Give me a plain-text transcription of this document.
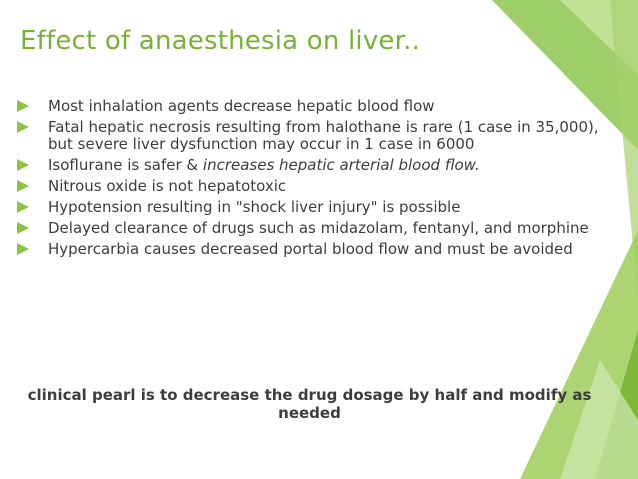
Effect of anaesthesia on liver..
Most inhalation agents decrease hepatic blood flow
Fatal hepatic necrosis resulting from halothane is rare (1 case in 35,000), but severe liver dysfunction may occur in 1 case in 6000
Isoflurane is safer & increases hepatic arterial blood flow.
Nitrous oxide is not hepatotoxic
Hypotension resulting in "shock liver injury" is possible
Delayed clearance of drugs such as midazolam, fentanyl, and morphine
Hypercarbia causes decreased portal blood flow and must be avoided

clinical pearl is to decrease the drug dosage by half and modify as needed
